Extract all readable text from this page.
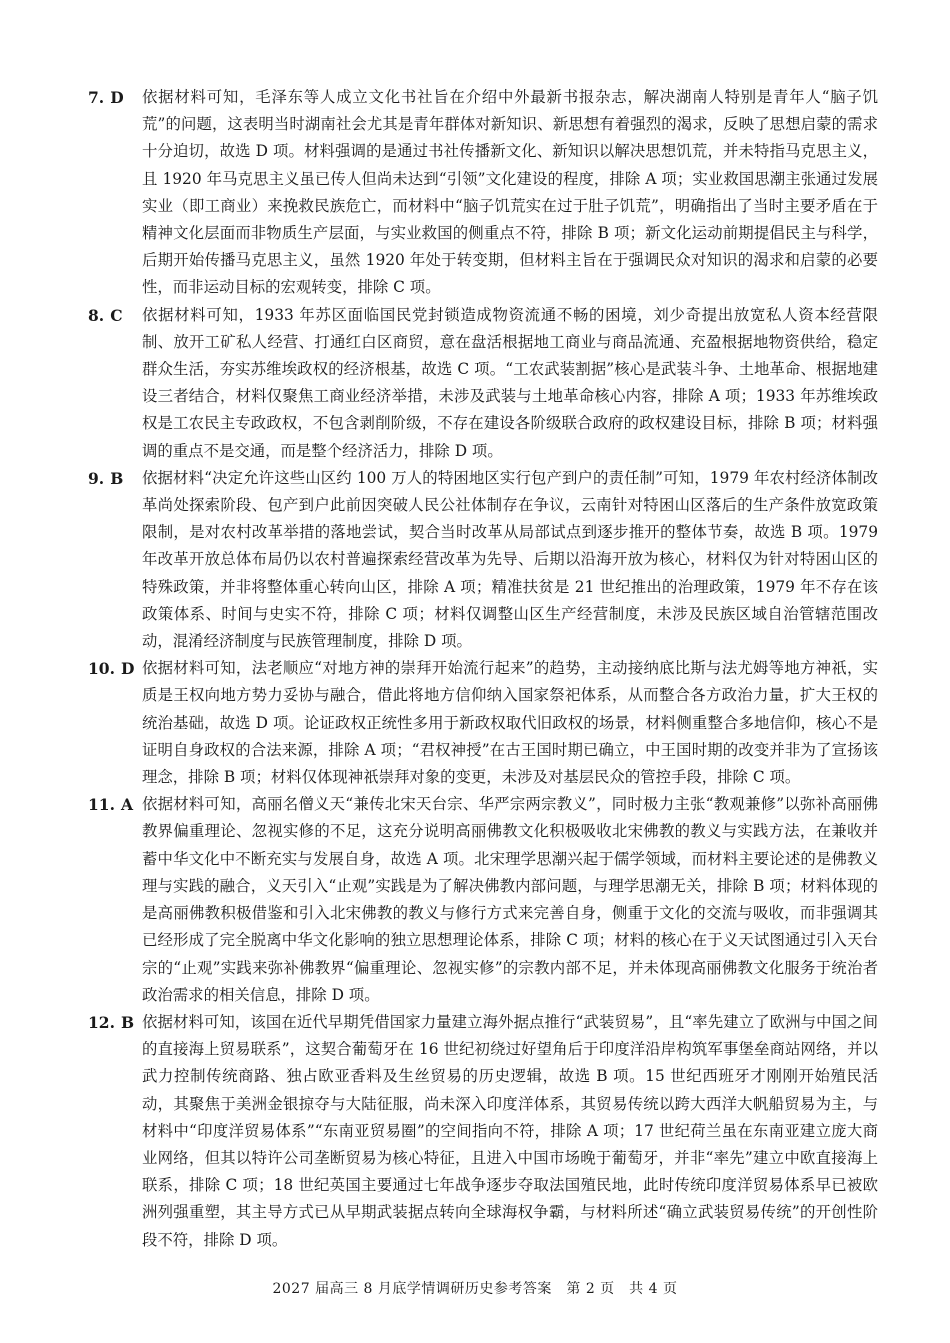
7. D	依据材料可知，毛泽东等人成立文化书社旨在介绍中外最新书报杂志，解决湖南人特别是青年人“脑子饥荒”的问题，这表明当时湖南社会尤其是青年群体对新知识、新思想有着强烈的渴求，反映了思想启蒙的需求十分迫切，故选 D 项。材料强调的是通过书社传播新文化、新知识以解决思想饥荒，并未特指马克思主义，且 1920 年马克思主义虽已传人但尚未达到“引领”文化建设的程度，排除 A 项；实业救国思潮主张通过发展实业（即工商业）来挽救民族危亡，而材料中“脑子饥荒实在过于肚子饥荒”，明确指出了当时主要矛盾在于精神文化层面而非物质生产层面，与实业救国的侧重点不符，排除 B 项；新文化运动前期提倡民主与科学，后期开始传播马克思主义，虽然 1920 年处于转变期，但材料主旨在于强调民众对知识的渴求和启蒙的必要性，而非运动目标的宏观转变，排除 C 项。
8. C	依据材料可知，1933 年苏区面临国民党封锁造成物资流通不畅的困境，刘少奇提出放宽私人资本经营限制、放开工矿私人经营、打通红白区商贸，意在盘活根据地工商业与商品流通、充盈根据地物资供给，稳定群众生活，夯实苏维埃政权的经济根基，故选 C 项。“工农武装割据”核心是武装斗争、土地革命、根据地建设三者结合，材料仅聚焦工商业经济举措，未涉及武装与土地革命核心内容，排除 A 项；1933 年苏维埃政权是工农民主专政政权，不包含剥削阶级，不存在建设各阶级联合政府的政权建设目标，排除 B 项；材料强调的重点不是交通，而是整个经济活力，排除 D 项。
9. B	依据材料“决定允许这些山区约 100 万人的特困地区实行包产到户的责任制”可知，1979 年农村经济体制改革尚处探索阶段、包产到户此前因突破人民公社体制存在争议，云南针对特困山区落后的生产条件放宽政策限制，是对农村改革举措的落地尝试，契合当时改革从局部试点到逐步推开的整体节奏，故选 B 项。1979 年改革开放总体布局仍以农村普遍探索经营改革为先导、后期以沿海开放为核心，材料仅为针对特困山区的特殊政策，并非将整体重心转向山区，排除 A 项；精准扶贫是 21 世纪推出的治理政策，1979 年不存在该政策体系、时间与史实不符，排除 C 项；材料仅调整山区生产经营制度，未涉及民族区域自治管辖范围改动，混淆经济制度与民族管理制度，排除 D 项。
10. D 依据材料可知，法老顺应“对地方神的崇拜开始流行起来”的趋势，主动接纳底比斯与法尤姆等地方神祇，实质是王权向地方势力妥协与融合，借此将地方信仰纳入国家祭祀体系，从而整合各方政治力量，扩大王权的统治基础，故选 D 项。论证政权正统性多用于新政权取代旧政权的场景，材料侧重整合多地信仰，核心不是证明自身政权的合法来源，排除 A 项；“君权神授”在古王国时期已确立，中王国时期的改变并非为了宣扬该理念，排除 B 项；材料仅体现神祇崇拜对象的变更，未涉及对基层民众的管控手段，排除 C 项。
11. A 依据材料可知，高丽名僧义天“兼传北宋天台宗、华严宗两宗教义”，同时极力主张“教观兼修”以弥补高丽佛教界偏重理论、忽视实修的不足，这充分说明高丽佛教文化积极吸收北宋佛教的教义与实践方法，在兼收并蓄中华文化中不断充实与发展自身，故选 A 项。北宋理学思潮兴起于儒学领域，而材料主要论述的是佛教义理与实践的融合，义天引入“止观”实践是为了解决佛教内部问题，与理学思潮无关，排除 B 项；材料体现的是高丽佛教积极借鉴和引入北宋佛教的教义与修行方式来完善自身，侧重于文化的交流与吸收，而非强调其已经形成了完全脱离中华文化影响的独立思想理论体系，排除 C 项；材料的核心在于义天试图通过引入天台宗的“止观”实践来弥补佛教界“偏重理论、忽视实修”的宗教内部不足，并未体现高丽佛教文化服务于统治者政治需求的相关信息，排除 D 项。
12. B 依据材料可知，该国在近代早期凭借国家力量建立海外据点推行“武装贸易”，且“率先建立了欧洲与中国之间的直接海上贸易联系”，这契合葡萄牙在 16 世纪初绕过好望角后于印度洋沿岸构筑军事堡垒商站网络，并以武力控制传统商路、独占欧亚香料及生丝贸易的历史逻辑，故选 B 项。15 世纪西班牙才刚刚开始殖民活动，其聚焦于美洲金银掠夺与大陆征服，尚未深入印度洋体系，其贸易传统以跨大西洋大帆船贸易为主，与材料中“印度洋贸易体系”“东南亚贸易圈”的空间指向不符，排除 A 项；17 世纪荷兰虽在东南亚建立庞大商业网络，但其以特许公司垄断贸易为核心特征，且进入中国市场晚于葡萄牙，并非“率先”建立中欧直接海上联系，排除 C 项；18 世纪英国主要通过七年战争逐步夺取法国殖民地，此时传统印度洋贸易体系早已被欧洲列强重塑，其主导方式已从早期武装据点转向全球海权争霸，与材料所述“确立武装贸易传统”的开创性阶段不符，排除 D 项。
2027 届高三 8 月底学情调研历史参考答案　第 2 页　共 4 页
